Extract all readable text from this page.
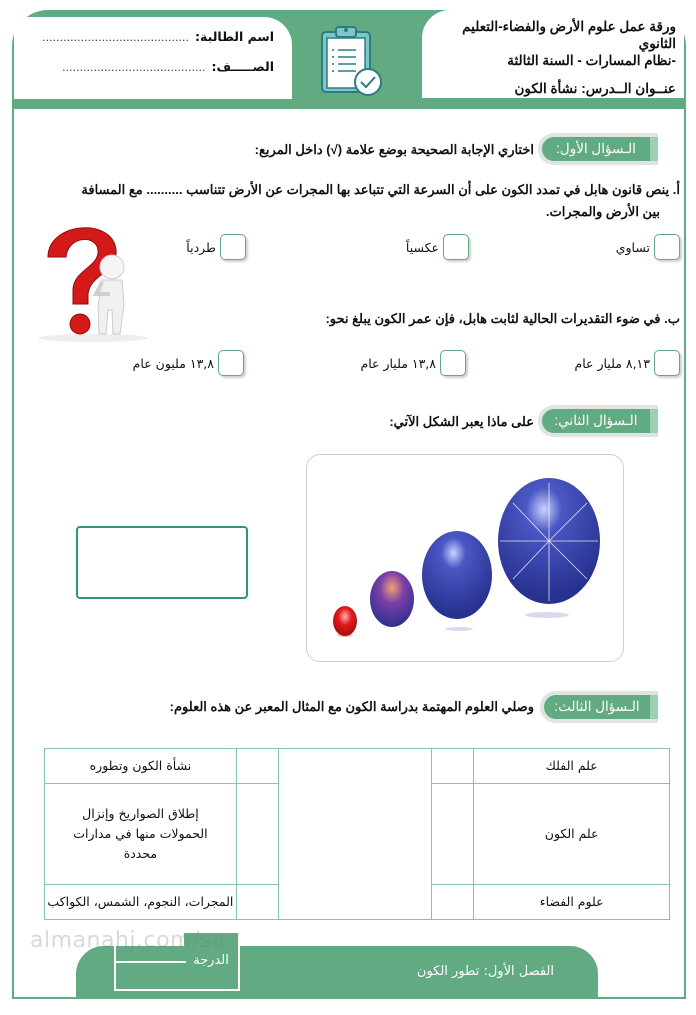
ورقة عمل علوم الأرض والفضاء-التعليم الثانوي
-نظام المسارات - السنة الثالثة
عنــوان الــدرس: نشأة الكون
اسم الطالبة:
..........................................
الصـــــف:
.........................................
الـسؤال الأول:
اختاري الإجابة الصحيحة بوضع علامة (√) داخل المربع:
أ. ينص قانون هابل في تمدد الكون على أن السرعة التي تتباعد بها المجرات عن الأرض تتناسب .......... مع المسافة
بين الأرض والمجرات.
تساوي
عكسياً
طردياً
ب. في ضوء التقديرات الحالية لثابت هابل، فإن عمر الكون يبلغ نحو:
٨,١٣ مليار عام
١٣,٨ مليار عام
١٣,٨ مليون عام
الـسؤال الثاني:
على ماذا يعبر الشكل الآتي:
الـسؤال الثالث:
وصلي العلوم المهتمة بدراسة الكون مع المثال المعبر عن هذه العلوم:
علم الفلك				نشأة الكون وتطوره
علم الكون				إطلاق الصواريخ وإنزال الحمولات منها في مدارات محددة
علوم الفضاء				المجرات، النجوم، الشمس، الكواكب
الفصل الأول: تطور الكون
الدرجة
almanahj.com/sa
